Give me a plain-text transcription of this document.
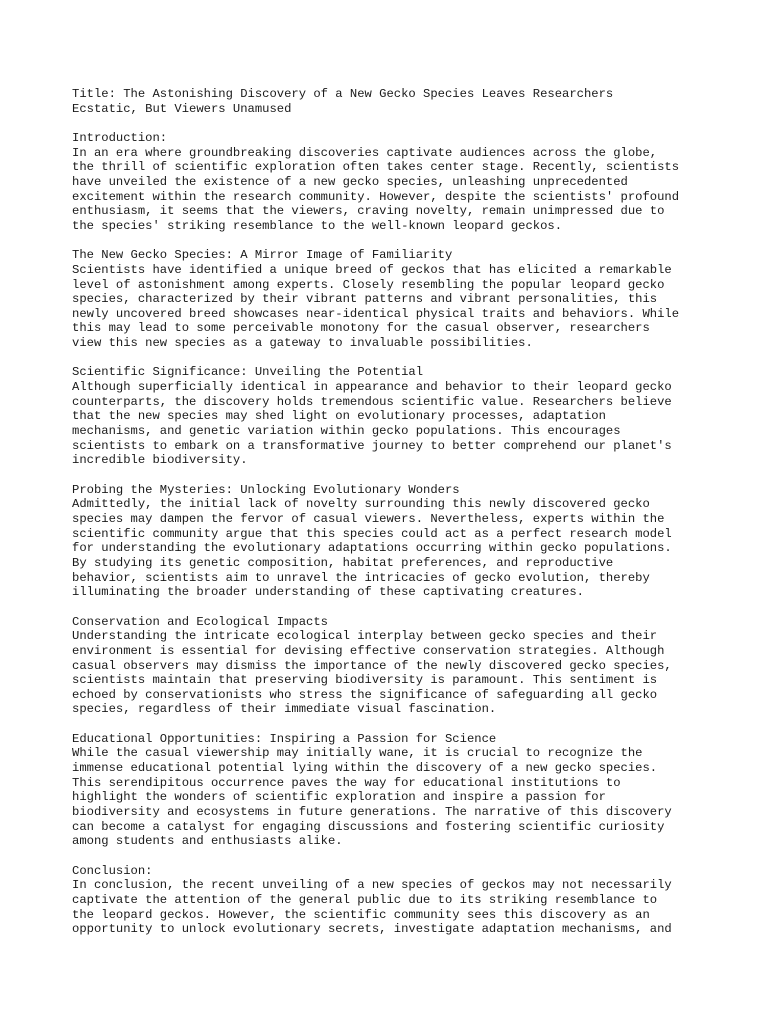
Title: The Astonishing Discovery of a New Gecko Species Leaves Researchers
Ecstatic, But Viewers Unamused
Introduction:
In an era where groundbreaking discoveries captivate audiences across the globe,
the thrill of scientific exploration often takes center stage. Recently, scientists
have unveiled the existence of a new gecko species, unleashing unprecedented
excitement within the research community. However, despite the scientists' profound
enthusiasm, it seems that the viewers, craving novelty, remain unimpressed due to
the species' striking resemblance to the well-known leopard geckos.
The New Gecko Species: A Mirror Image of Familiarity
Scientists have identified a unique breed of geckos that has elicited a remarkable
level of astonishment among experts. Closely resembling the popular leopard gecko
species, characterized by their vibrant patterns and vibrant personalities, this
newly uncovered breed showcases near-identical physical traits and behaviors. While
this may lead to some perceivable monotony for the casual observer, researchers
view this new species as a gateway to invaluable possibilities.
Scientific Significance: Unveiling the Potential
Although superficially identical in appearance and behavior to their leopard gecko
counterparts, the discovery holds tremendous scientific value. Researchers believe
that the new species may shed light on evolutionary processes, adaptation
mechanisms, and genetic variation within gecko populations. This encourages
scientists to embark on a transformative journey to better comprehend our planet's
incredible biodiversity.
Probing the Mysteries: Unlocking Evolutionary Wonders
Admittedly, the initial lack of novelty surrounding this newly discovered gecko
species may dampen the fervor of casual viewers. Nevertheless, experts within the
scientific community argue that this species could act as a perfect research model
for understanding the evolutionary adaptations occurring within gecko populations.
By studying its genetic composition, habitat preferences, and reproductive
behavior, scientists aim to unravel the intricacies of gecko evolution, thereby
illuminating the broader understanding of these captivating creatures.
Conservation and Ecological Impacts
Understanding the intricate ecological interplay between gecko species and their
environment is essential for devising effective conservation strategies. Although
casual observers may dismiss the importance of the newly discovered gecko species,
scientists maintain that preserving biodiversity is paramount. This sentiment is
echoed by conservationists who stress the significance of safeguarding all gecko
species, regardless of their immediate visual fascination.
Educational Opportunities: Inspiring a Passion for Science
While the casual viewership may initially wane, it is crucial to recognize the
immense educational potential lying within the discovery of a new gecko species.
This serendipitous occurrence paves the way for educational institutions to
highlight the wonders of scientific exploration and inspire a passion for
biodiversity and ecosystems in future generations. The narrative of this discovery
can become a catalyst for engaging discussions and fostering scientific curiosity
among students and enthusiasts alike.
Conclusion:
In conclusion, the recent unveiling of a new species of geckos may not necessarily
captivate the attention of the general public due to its striking resemblance to
the leopard geckos. However, the scientific community sees this discovery as an
opportunity to unlock evolutionary secrets, investigate adaptation mechanisms, and
